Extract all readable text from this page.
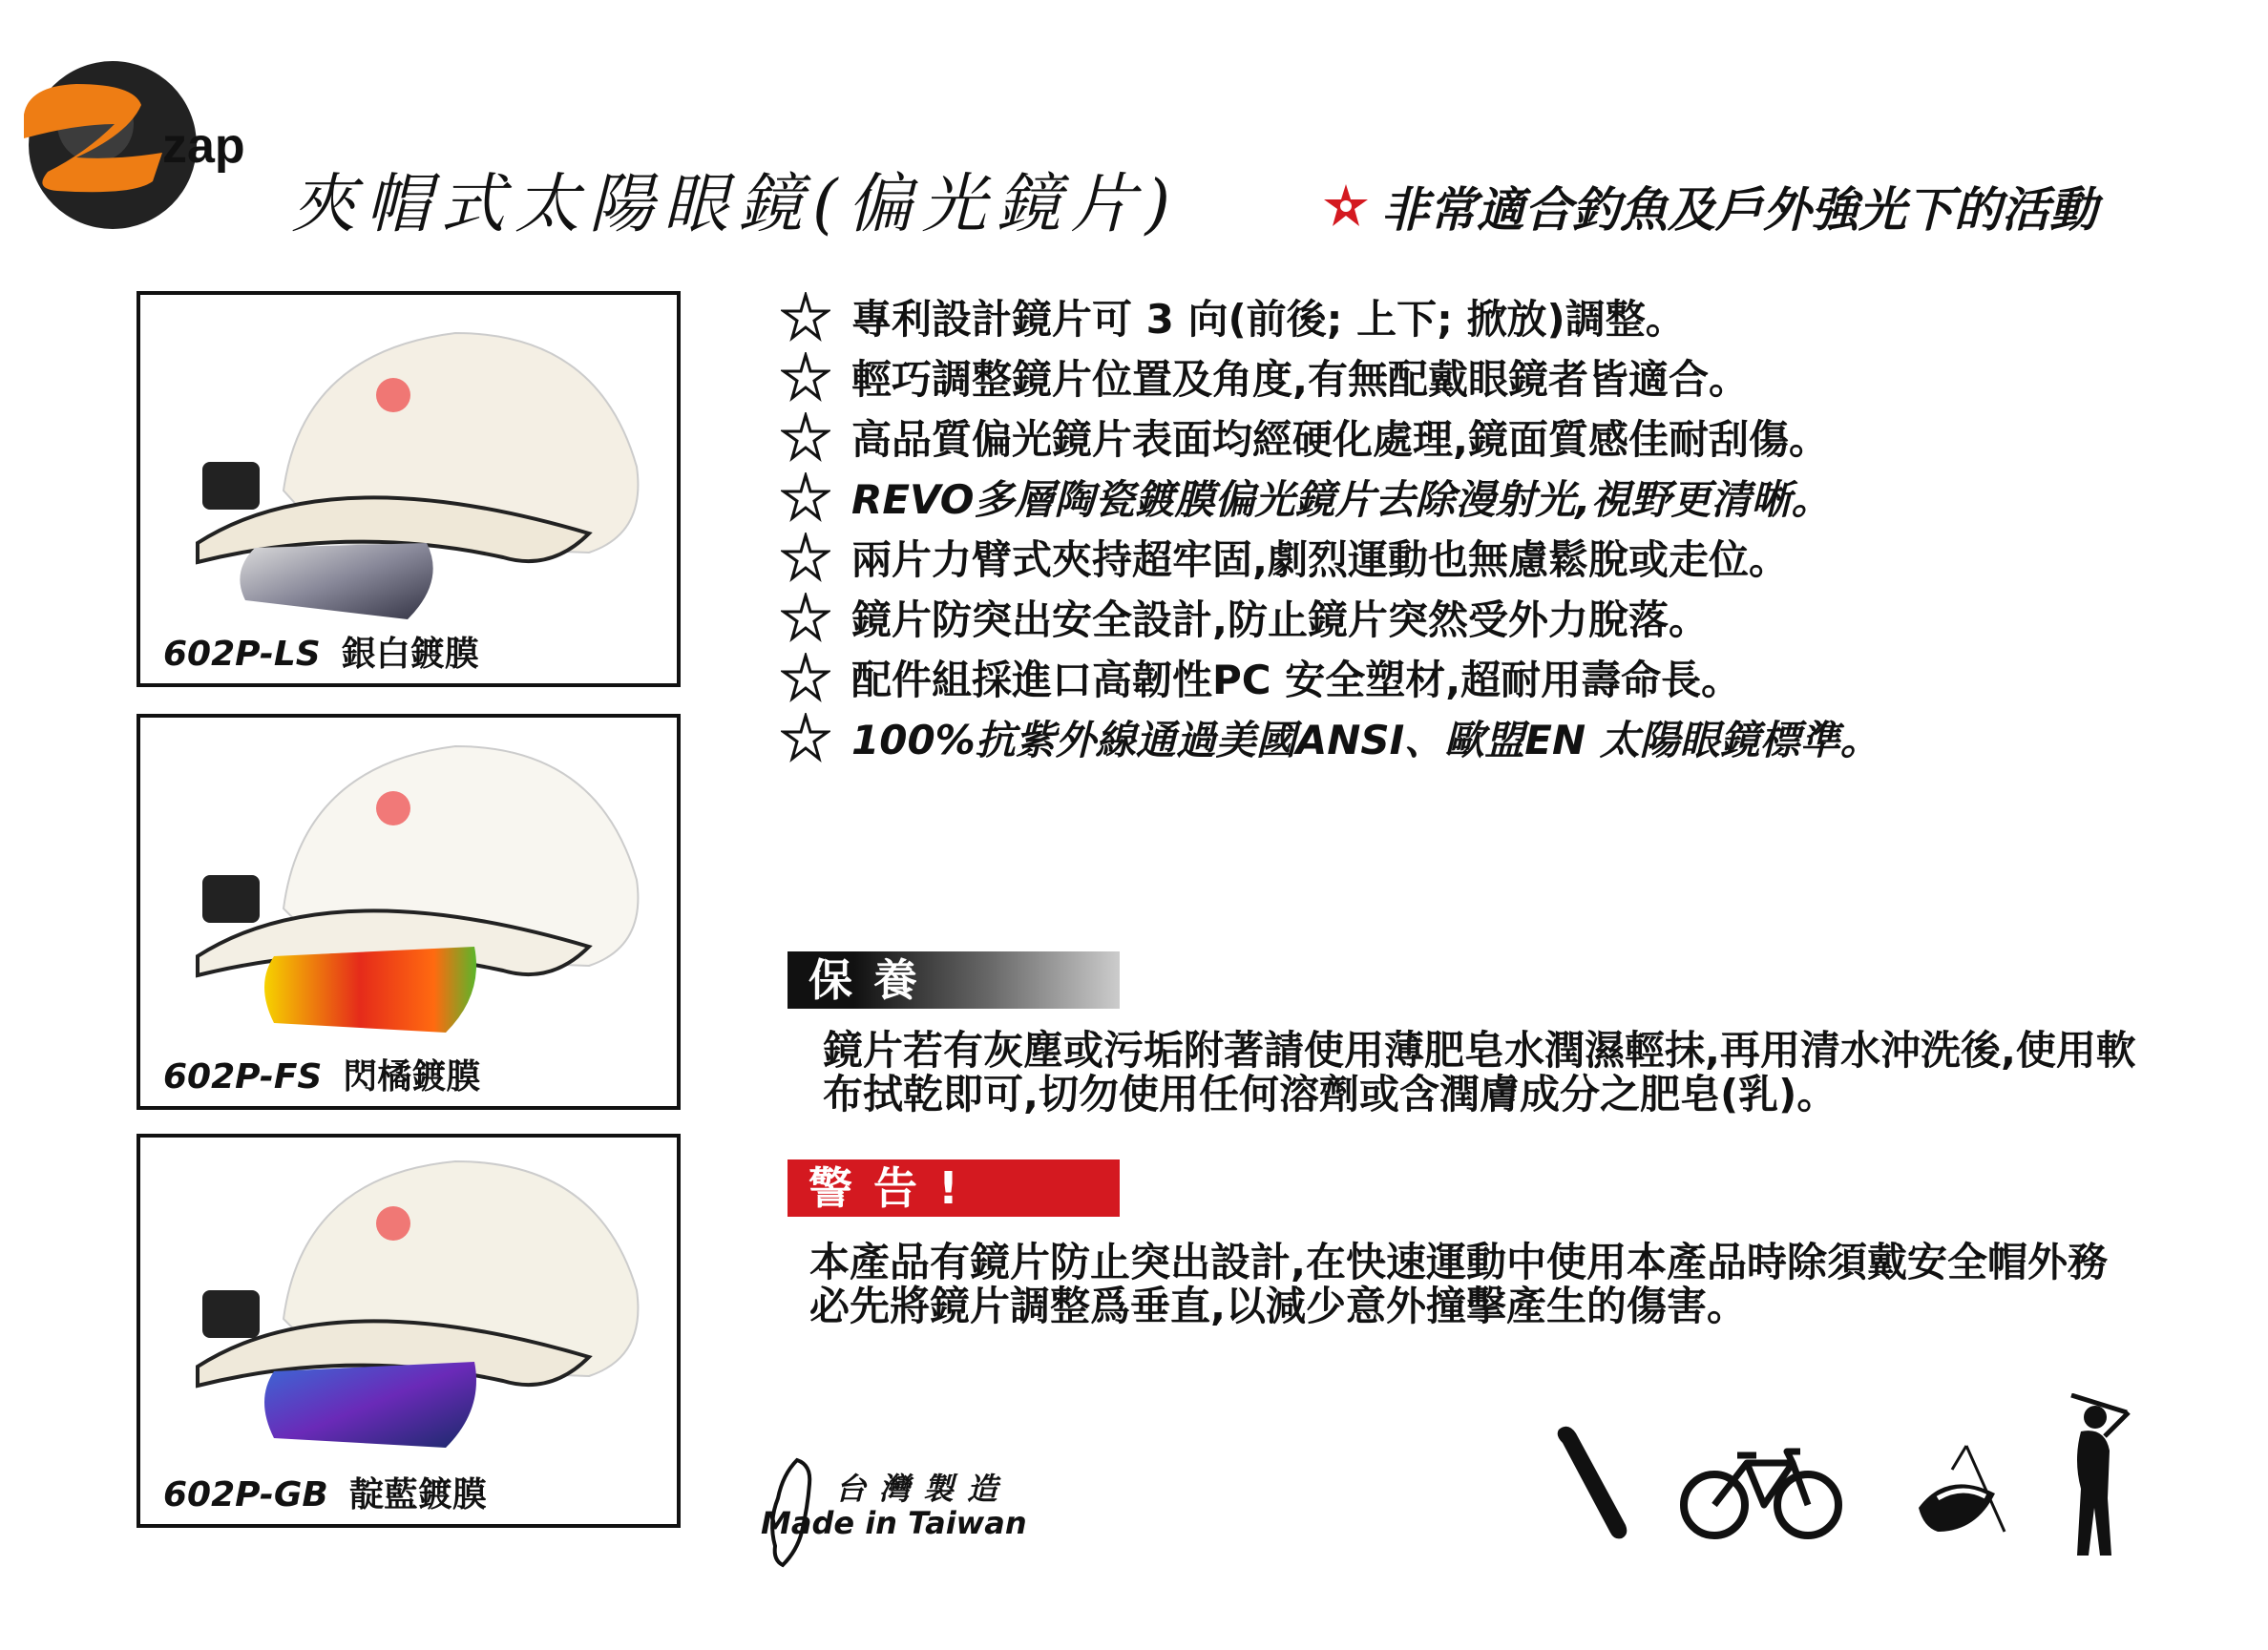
zap
夾帽式太陽眼鏡(偏光鏡片)	非常適合釣魚及戶外強光下的活動
602P-LS 銀白鍍膜
602P-FS 閃橘鍍膜
602P-GB 靛藍鍍膜
專利設計鏡片可 3 向(前後; 上下; 掀放)調整。
輕巧調整鏡片位置及角度,有無配戴眼鏡者皆適合。
高品質偏光鏡片表面均經硬化處理,鏡面質感佳耐刮傷。
REVO多層陶瓷鍍膜偏光鏡片去除漫射光,視野更清晰。
兩片力臂式夾持超牢固,劇烈運動也無慮鬆脫或走位。
鏡片防突出安全設計,防止鏡片突然受外力脫落。
配件組採進口高韌性PC 安全塑材,超耐用壽命長。
100%抗紫外線通過美國ANSI、歐盟EN 太陽眼鏡標準。
保養
鏡片若有灰塵或污垢附著請使用薄肥皂水潤濕輕抹,再用清水沖洗後,使用軟布拭乾即可,切勿使用任何溶劑或含潤膚成分之肥皂(乳)。
警告!
本產品有鏡片防止突出設計,在快速運動中使用本產品時除須戴安全帽外務必先將鏡片調整爲垂直,以減少意外撞擊產生的傷害。
台灣製造
Made in Taiwan
